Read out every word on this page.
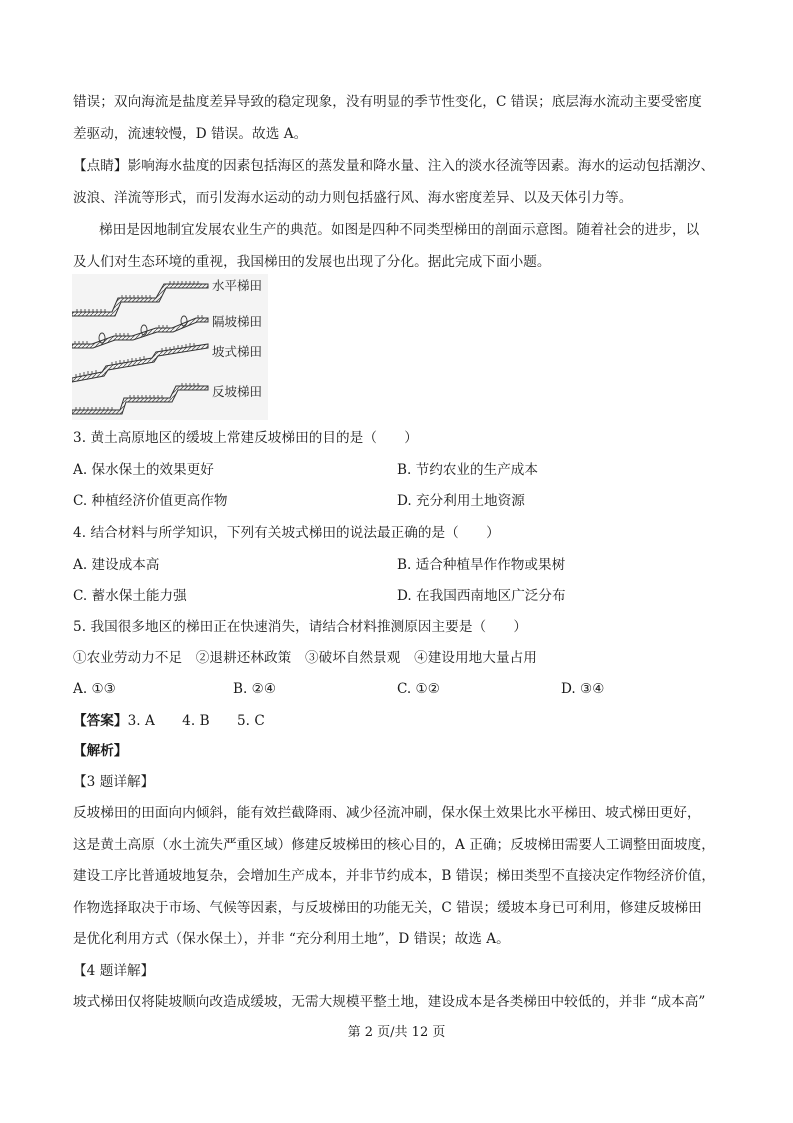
错误；双向海流是盐度差异导致的稳定现象，没有明显的季节性变化，C 错误；底层海水流动主要受密度
差驱动，流速较慢，D 错误。故选 A。
【点睛】影响海水盐度的因素包括海区的蒸发量和降水量、注入的淡水径流等因素。海水的运动包括潮汐、
波浪、洋流等形式，而引发海水运动的动力则包括盛行风、海水密度差异、以及天体引力等。
梯田是因地制宜发展农业生产的典范。如图是四种不同类型梯田的剖面示意图。随着社会的进步，以
及人们对生态环境的重视，我国梯田的发展也出现了分化。据此完成下面小题。
水平梯田
隔坡梯田
坡式梯田
反坡梯田
3. 黄土高原地区的缓坡上常建反坡梯田的目的是（　　）
A. 保水保土的效果更好	B. 节约农业的生产成本
C. 种植经济价值更高作物	D. 充分利用土地资源
4. 结合材料与所学知识，下列有关坡式梯田的说法最正确的是（　　）
A. 建设成本高	B. 适合种植旱作作物或果树
C. 蓄水保土能力强	D. 在我国西南地区广泛分布
5. 我国很多地区的梯田正在快速消失，请结合材料推测原因主要是（　　）
①农业劳动力不足　②退耕还林政策　③破坏自然景观　④建设用地大量占用
A. ①③	B. ②④	C. ①②	D. ③④
【答案】3. A　　4. B　　5. C
【解析】
【3 题详解】
反坡梯田的田面向内倾斜，能有效拦截降雨、减少径流冲刷，保水保土效果比水平梯田、坡式梯田更好，
这是黄土高原（水土流失严重区域）修建反坡梯田的核心目的，A 正确；反坡梯田需要人工调整田面坡度，
建设工序比普通坡地复杂，会增加生产成本，并非节约成本，B 错误；梯田类型不直接决定作物经济价值，
作物选择取决于市场、气候等因素，与反坡梯田的功能无关，C 错误；缓坡本身已可利用，修建反坡梯田
是优化利用方式（保水保土），并非 “充分利用土地”，D 错误；故选 A。
【4 题详解】
坡式梯田仅将陡坡顺向改造成缓坡，无需大规模平整土地，建设成本是各类梯田中较低的，并非 “成本高”
第 2 页/共 12 页
